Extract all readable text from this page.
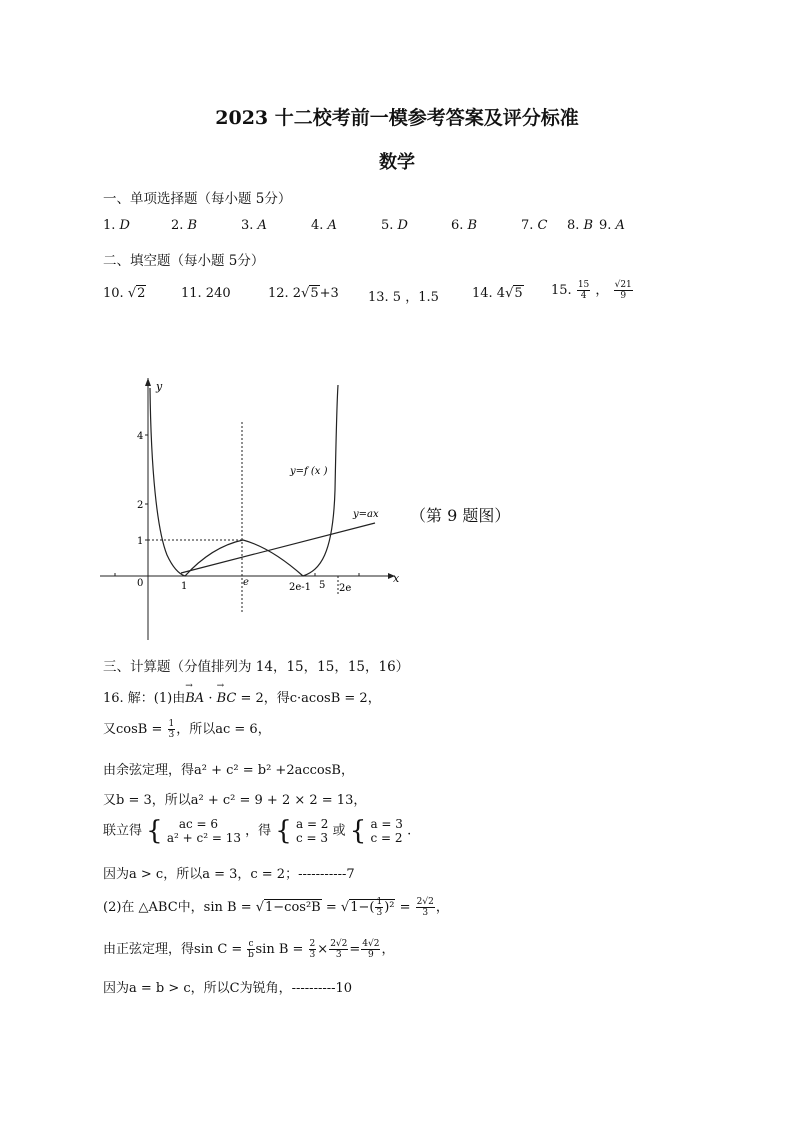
2023 十二校考前一模参考答案及评分标准
数学
一、单项选择题（每小题 5分）
1. D	2. B	3. A	4. A	5. D	6. B	7. C 8. B 9. A
二、填空题（每小题 5分）
10. √2	11. 240	12. 2√5+3 13. 5 ，1.5	14. 4√5 15. $\frac{15}{4}$ ， $\frac{√21}{9}$
y
x
0
4
2
1
1	e	2e-1 5 2e
y=f (x )
y=ax （第 9 题图）
三、计算题（分值排列为 14，15，15，15，16）
16. 解：(1)由→ BA · → BC = 2，得c·acosB = 2，
又$\cos B = \frac{1}{3}$ ，所以ac = 6，
由余弦定理，得a² + c² = b² +2accosB，
又b = 3，所以a² + c² = 9 + 2 × 2 = 13，
联立得 {	ac = 6
a² + c² = 13 ，得 { a = 2
c = 3 或 { a = 3
c = 2 .
因为a > c，所以a = 3，c = 2；-----------7
(2)在 △ABC中，$\sin B = √1-\cos^2B = √1-( \frac{1}{3} )^2 = \frac{2√2}{3}$ ，
由正弦定理，得$\sin C = \frac{c}{b}$ $\sin B = \frac{2}{3} \times \frac{2√2}{3} = \frac{4√2}{9}$ ，
因为a = b > c，所以C为锐角，----------10
